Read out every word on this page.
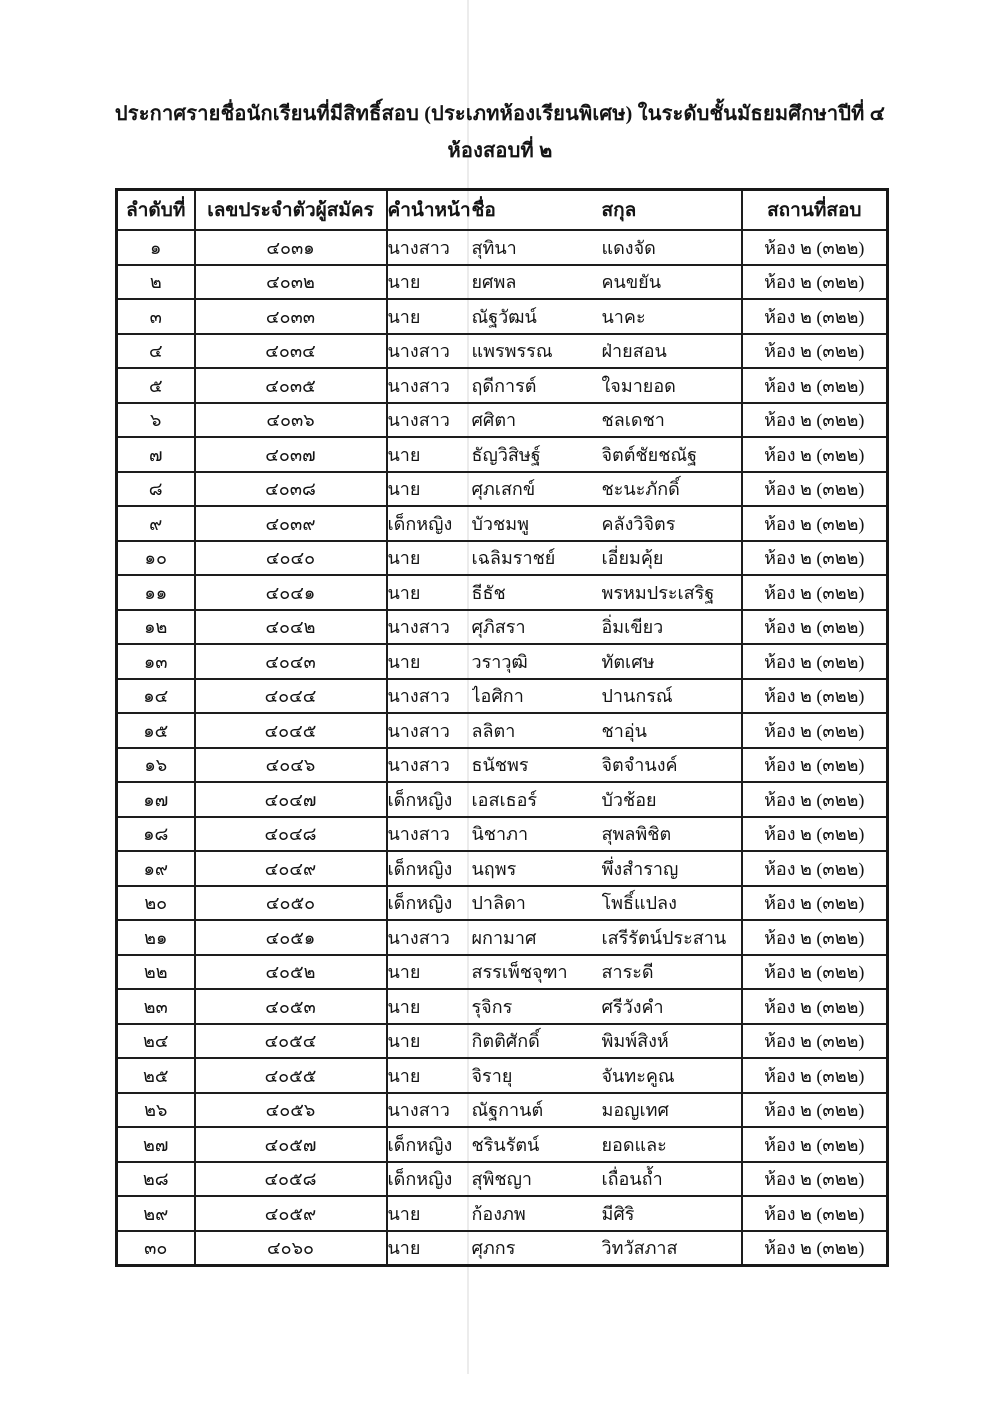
ประกาศรายชื่อนักเรียนที่มีสิทธิ์สอบ (ประเภทห้องเรียนพิเศษ) ในระดับชั้นมัธยมศึกษาปีที่ ๔

ห้องสอบที่ ๒

ลำดับที่	เลขประจำตัวผู้สมัคร	คำนำหน้า	ชื่อ	สกุล	สถานที่สอบ
๑	๔๐๓๑	นางสาว	สุทินา	แดงจัด	ห้อง ๒ (๓๒๒)
๒	๔๐๓๒	นาย	ยศพล	คนขยัน	ห้อง ๒ (๓๒๒)
๓	๔๐๓๓	นาย	ณัฐวัฒน์	นาคะ	ห้อง ๒ (๓๒๒)
๔	๔๐๓๔	นางสาว	แพรพรรณ	ฝ่ายสอน	ห้อง ๒ (๓๒๒)
๕	๔๐๓๕	นางสาว	ฤดีการต์	ใจมายอด	ห้อง ๒ (๓๒๒)
๖	๔๐๓๖	นางสาว	ศศิตา	ชลเดชา	ห้อง ๒ (๓๒๒)
๗	๔๐๓๗	นาย	ธัญวิสิษฐ์	จิตต์ชัยชณัฐ	ห้อง ๒ (๓๒๒)
๘	๔๐๓๘	นาย	ศุภเสกข์	ชะนะภักดิ์	ห้อง ๒ (๓๒๒)
๙	๔๐๓๙	เด็กหญิง	บัวชมพู	คลังวิจิตร	ห้อง ๒ (๓๒๒)
๑๐	๔๐๔๐	นาย	เฉลิมราชย์	เอี่ยมคุ้ย	ห้อง ๒ (๓๒๒)
๑๑	๔๐๔๑	นาย	ธีธัช	พรหมประเสริฐ	ห้อง ๒ (๓๒๒)
๑๒	๔๐๔๒	นางสาว	ศุภิสรา	อิ่มเขียว	ห้อง ๒ (๓๒๒)
๑๓	๔๐๔๓	นาย	วราวุฒิ	ทัตเศษ	ห้อง ๒ (๓๒๒)
๑๔	๔๐๔๔	นางสาว	ไอศิกา	ปานกรณ์	ห้อง ๒ (๓๒๒)
๑๕	๔๐๔๕	นางสาว	ลลิตา	ชาอุ่น	ห้อง ๒ (๓๒๒)
๑๖	๔๐๔๖	นางสาว	ธนัชพร	จิตจำนงค์	ห้อง ๒ (๓๒๒)
๑๗	๔๐๔๗	เด็กหญิง	เอสเธอร์	บัวช้อย	ห้อง ๒ (๓๒๒)
๑๘	๔๐๔๘	นางสาว	นิชาภา	สุพลพิชิต	ห้อง ๒ (๓๒๒)
๑๙	๔๐๔๙	เด็กหญิง	นฤพร	พึ่งสำราญ	ห้อง ๒ (๓๒๒)
๒๐	๔๐๕๐	เด็กหญิง	ปาลิดา	โพธิ์แปลง	ห้อง ๒ (๓๒๒)
๒๑	๔๐๕๑	นางสาว	ผกามาศ	เสรีรัตน์ประสาน	ห้อง ๒ (๓๒๒)
๒๒	๔๐๕๒	นาย	สรรเพ็ชจุฑา	สาระดี	ห้อง ๒ (๓๒๒)
๒๓	๔๐๕๓	นาย	รุจิกร	ศรีวังคำ	ห้อง ๒ (๓๒๒)
๒๔	๔๐๕๔	นาย	กิตติศักดิ์	พิมพ์สิงห์	ห้อง ๒ (๓๒๒)
๒๕	๔๐๕๕	นาย	จิรายุ	จันทะคูณ	ห้อง ๒ (๓๒๒)
๒๖	๔๐๕๖	นางสาว	ณัฐกานต์	มอญเทศ	ห้อง ๒ (๓๒๒)
๒๗	๔๐๕๗	เด็กหญิง	ชรินรัตน์	ยอดและ	ห้อง ๒ (๓๒๒)
๒๘	๔๐๕๘	เด็กหญิง	สุพิชญา	เถื่อนถ้ำ	ห้อง ๒ (๓๒๒)
๒๙	๔๐๕๙	นาย	ก้องภพ	มีศิริ	ห้อง ๒ (๓๒๒)
๓๐	๔๐๖๐	นาย	ศุภกร	วิทวัสภาส	ห้อง ๒ (๓๒๒)
